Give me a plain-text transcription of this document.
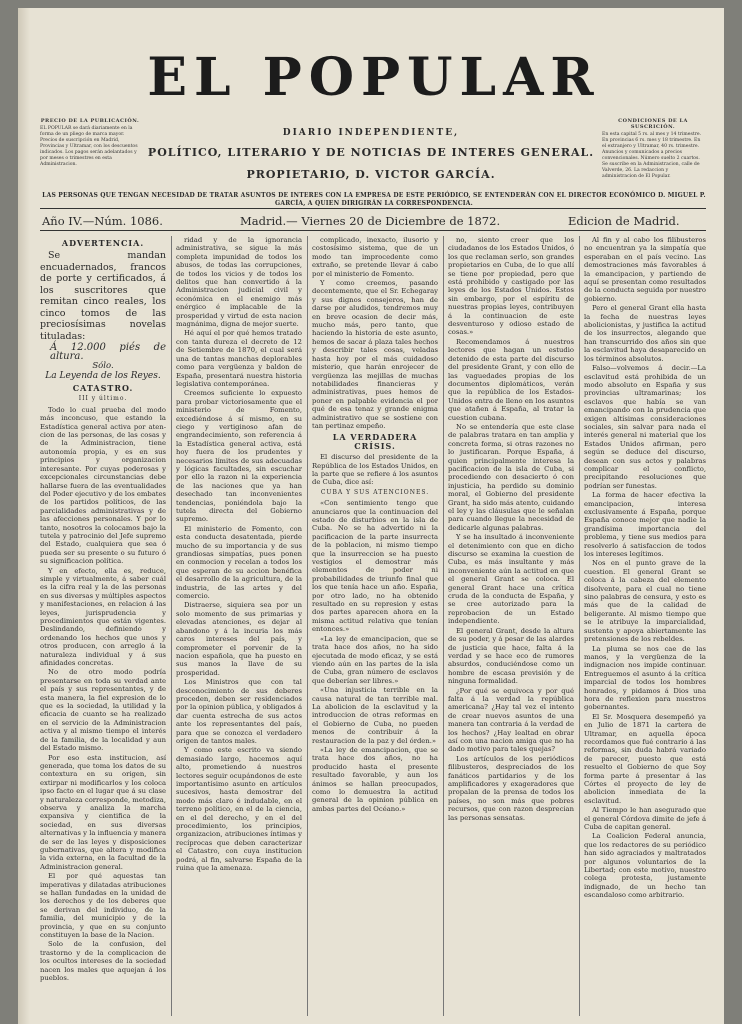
EL POPULAR
PRECIO DE LA PUBLICACIÓN.
EL POPULAR se dará diariamente en la forma de un pliego de marca mayor. Precios de suscripción en Madrid, Provincias y Ultramar, con los descuentos indicados. Los pagos serán adelantados y por meses o trimestres en esta Administracion.
CONDICIONES DE LA SUSCRICIÓN.
En esta capital 5 rs. al mes y 14 trimestre. En provincias 6 rs. mes y 18 trimestre. En el extranjero y Ultramar, 40 rs. trimestre. Anuncios y comunicados a precios convencionales. Número suelto 2 cuartos. Se suscribe en la Administracion, calle de Valverde, 26. La redaccion y administracion de El Popular.
DIARIO INDEPENDIENTE,
POLÍTICO, LITERARIO Y DE NOTICIAS DE INTERES GENERAL.
PROPIETARIO, D. VICTOR GARCÍA.
LAS PERSONAS QUE TENGAN NECESIDAD DE TRATAR ASUNTOS DE INTERES CON LA EMPRESA DE ESTE PERIÓDICO, SE ENTENDERÁN CON EL DIRECTOR ECONÓMICO D. MIGUEL P. GARCÍA, A QUIEN DIRIGIRÁN LA CORRESPONDENCIA.
Año IV.—Núm. 1086.	Madrid.— Viernes 20 de Diciembre de 1872.	Edicion de Madrid.
ADVERTENCIA.

Se mandan encuadernados, francos de porte y certificados, á los suscritores que remitan cinco reales, los cinco tomos de las preciosísimas novelas tituladas:

Á 12.000 piés de altura.
Sólo.
La Leyenda de los Reyes.
CATASTRO.
III y último.

Todo lo cual prueba del modo más inconcuso, que estando la Estadística general activa por aten-cion de las personas, de las cosas y de la Administracion, tiene autonomía propia, y es en sus principios y organizacion interesante. Por cuyas poderosas y excepcionales circunstancias debe hallarse fuera de las eventualidades del Poder ejecutivo y de los embates de los partidos políticos, de las parcialidades administrativas y de las afecciones personales. Y por lo tanto, nosotros la colocamos bajo la tutela y patrocinio del Jefe supremo del Estado, cualquiera que sea ó pueda ser su presente o su futuro ó su significacion política.

Y en efecto, ella es, reduce, simple y virtualmente, á saber cuál es la cifra real y la de las personas en sus diversas y múltiples aspectos y manifestaciones, en relacion á las leyes, jurisprudencia y procedimientos que están vigentes. Deslindando, definiendo y ordenando los hechos que unos y otros producen, con arreglo á la naturaleza individual y á sus afinidades concretas.

No de otro modo podría presentarse en toda su verdad ante el país y sus representantes, y de esta manera, la fiel expresion de lo que es la sociedad, la utilidad y la eficacia de cuanto se ha realizado en el servicio de la Administracion activa y al mismo tiempo el interés de la familia, de la localidad y aun del Estado mismo.

Por eso esta institucion, así generada, que toma los datos de su contextura en su origen, sin extirpar ni modificarlos y los coloca ipso facto en el lugar que á su clase y naturaleza corresponde, metodiza, observa y analiza la marcha expansiva y cientifica de la sociedad, en sus diversas alternativas y la influencia y manera de ser de las leyes y disposiciones gubernativas, que altera y modifica la vida externa, en la facultad de la Administracion general.

El por qué aquestas tan imperativas y dilatadas atribuciones se hallan fundadas en la unidad de los derechos y de los deberes que se derivan del individuo, de la familia, del municipio y de la provincia, y que en su conjunto constituyen la base de la Nacion.

Solo de la confusion, del trastorno y de la complicacion de los ocultos intereses de la sociedad nacen los males que aquejan á los pueblos.

ridad y de la ignorancia administrativa, se sigue la más completa impunidad de todos los abusos, de todas las corrupciones, de todos los vicios y de todos los delitos que han convertido á la Administracion judicial civil y económica en el enemigo más enérgico é implacable de la prosperidad y virtud de esta nacion magnánima, digna de mejor suerte.

Hé aquí el por qué hemos tratado con tanta dureza el decreto de 12 de Setiembre de 1870, el cual será una de tantas manchas deplorables como para vergüenza y baldon de España, presentará nuestra historia legislativa contemporánea.

Creemos suficiente lo expuesto para probar victoriosamente que el ministerio de Fomento, excediéndose á sí mismo, en su ciego y vertiginoso afan de engrandecimiento, son referencia á la Estadística general activa, está hoy fuera de los prudentes y necesarios límites de sus adecuadas y lógicas facultades, sin escuchar por ello la razon ni la experiencia de las naciones que ya han desechado tan inconvenientes tendencias, poniéndola bajo la tutela directa del Gobierno supremo.

El ministerio de Fomento, con esta conducta desatentada, pierde mucho de su importancia y de sus grandiosas simpatías, pues ponen en conmocion y recelan a todos los que esperan de su accion benéfica el desarrollo de la agricultura, de la industria, de las artes y del comercio.

Distraerse, siquiera sea por un solo momento de sus primarias y elevadas atenciones, es dejar al abandono y á la incuria los más caros intereses del país, y comprometer el porvenir de la nacion española, que ha puesto en sus manos la llave de su prosperidad.

Los Ministros que con tal desconocimiento de sus deberes proceden, deben ser residenciados por la opinion pública, y obligados á dar cuenta estrecha de sus actos ante los representantes del país, para que se conozca el verdadero origen de tantos males.

Y como este escrito va siendo demasiado largo, hacemos aquí alto, prometiendo á nuestros lectores seguir ocupándonos de este importantísimo asunto en artículos sucesivos, hasta demostrar del modo más claro é indudable, en el terreno político, en el de la ciencia, en el del derecho, y en el del procedimiento, los principios, organizacion, atribuciones íntimas y recíprocas que deben caracterizar el Catastro, con cuya institucion podrá, al fin, salvarse España de la ruina que la amenaza.

complicado, inexacto, ilusorio y costosísimo sistema, que de un modo tan improcedente como extraño, se pretende llevar á cabo por el ministerio de Fomento.

Y como creemos, pasando decentemente, que el Sr. Echegaray y sus dignos consejeros, han de darse por aludidos, tendremos muy en breve ocasion de decir más, mucho más, pero tanto, que haciendo la historia de este asunto, hemos de sacar á plaza tales hechos y describir tales cosas, veladas hasta hoy por el más cuidadoso misterio, que harán enrojecer de vergüenza las mejillas de muchas notabilidades financieras y administrativas, pues hemos de poner en palpable evidencia el por qué de esa tenaz y grande enigma administrativo que se sostiene con tan pertinaz empeño.

LA VERDADERA CRÍSIS.

El discurso del presidente de la República de los Estados Unidos, en la parte que se refiere á los asuntos de Cuba, dice así:

CUBA Y SUS ATENCIONES.

«Con sentimiento tengo que anunciaros que la continuacion del estado de disturbios en la isla de Cuba. No se ha advertido ni la pacificacion de la parte insurrecta de la poblacion, ni mismo tiempo que la insurreccion se ha puesto vestigios el demostrar más elementos de poder ni probabilidades de triunfo final que los que tenía hace un año. España, por otro lado, no ha obtenido resultado en su represion y estas dos partes aparecen ahora en la misma actitud relativa que tenían entonces.»

«La ley de emancipacion, que se trata hace dos años, no ha sido ejecutada de modo eficaz, y se está viendo aún en las partes de la isla de Cuba, gran número de esclavos que deberían ser libres.»

«Una injusticia terrible en la causa natural de tan terrible mal. La abolicion de la esclavitud y la introduccion de otras reformas en el Gobierno de Cuba, no pueden menos de contribuir á la restauracion de la paz y del órden.»

«La ley de emancipacion, que se trata hace dos años, no ha producido hasta el presente resultado favorable, y aun los ánimos se hallan preocupados, como lo demuestra la actitud general de la opinion pública en ambas partes del Océano.»

no, siento creer que los ciudadanos de los Estados Unidos, ó los que reclaman serlo, son grandes propietarios en Cuba, de lo que allí se tiene por propiedad, pero que está prohibido y castigado por las leyes de los Estados Unidos. Estos sin embargo, por el espíritu de nuestras propias leyes, contribuyen á la continuacion de este desventuroso y odioso estado de cosas.»

Recomendamos á nuestros lectores que hagan un estudio detenido de esta parte del discurso del presidente Grant, y con ello de las vaguedades propias de los documentos diplomáticos, verán que la república de los Estados-Unidos entra de lleno en los asuntos que atañen á España, al tratar la cuestion cubana.

No se entendería que este clase de palabras tratara en tan amplia y concreta forma, si otras razones no lo justificaran. Porque España, á quien principalmente interesa la pacificacion de la isla de Cuba, si procediendo con desacierto ó con injusticia, ha perdido su dominio moral, el Gobierno del presidente Grant, ha sido más atento, cuidando el ley y las cláusulas que le señalan para cuando llegue la necesidad de dedicarle algunas palabras.

Y se ha insultado á inconveniente el detenimiento con que en dicho discurso se examina la cuestion de Cuba, es más insultante y más inconveniente aún la actitud en que el general Grant se coloca. El general Grant hace una crítica cruda de la conducta de España, y se cree autorizado para la reprobacion de un Estado independiente.

El general Grant, desde la altura de su poder, y á pesar de las alardes de justicia que hace, falta á la verdad y se hace eco de rumores absurdos, conduciéndose como un hombre de escasa previsión y de ninguna formalidad.

¿Por qué se equivoca y por qué falta á la verdad la república americana? ¿Hay tal vez el intento de crear nuevos asuntos de una manera tan contraria á la verdad de los hechos? ¿Hay lealtad en obrar así con una nacion amiga que no ha dado motivo para tales quejas?

Los artículos de los periódicos filibusteros, despreciados de los fanáticos partidarios y de los amplificadores y exageradores que propalan de la prensa de todos los países, no son más que pobres recursos, que con razon desprecian las personas sensatas.

Al fin y al cabo los filibusteros no encuentran ya la simpatía que esperaban en el país vecino. Las demostraciones más favorables á la emancipacion, y partiendo de aquí se presentan como resultados de la conducta seguida por nuestro gobierno.

Pero el general Grant ella hasta la fecha de nuestras leyes abolicionistas, y justifica la actitud de los insurrectos, alegando que han transcurrido dos años sin que la esclavitud haya desaparecido en los términos absolutos.

Falso—volvemos á decir.—La esclavitud está prohibida de un modo absoluto en España y sus provincias ultramarinas; los esclavos que había se van emancipando con la prudencia que exigen altísimas consideraciones sociales, sin salvar para nada el interés general ni material que los Estados Unidos afirman, pero según se deduce del discurso, desean con sus actos y palabras complicar el conflicto, precipitando resoluciones que podrían ser funestas.

La forma de hacer efectiva la emancipacion, interesa exclusivamente á España, porque España conoce mejor que nadie la grandísima importancia del problema, y tiene sus medios para resolverlo á satisfaccion de todos los intereses legítimos.

Nos en el punto grave de la cuestion. El general Grant se coloca á la cabeza del elemento disolvente, para el cual no tiene sino palabras de censura, y esto es más que de la calidad de beligerante. Al mismo tiempo que se le atribuye la imparcialidad, sustenta y apoya abiertamente las pretensiones de los rebeldes.

La pluma se nos cae de las manos, y la vergüenza de la indignacion nos impide continuar. Entreguemos el asunto á la crítica imparcial de todos los hombres honrados, y pidamos á Dios una hora de reflexion para nuestros gobernantes.

El Sr. Mosquera desempeñó ya en Julio de 1871 la cartera de Ultramar, en aquella época recordamos que fué contrario á las reformas, sin duda habrá variado de parecer, puesto que está resuelto el Gobierno de que Soy forma parte á presentar á las Córtes el proyecto de ley de abolicion inmediata de la esclavitud.

Al Tiempo le han asegurado que el general Córdova dimite de jefe á Cuba de capitan general.

La Coalicion Federal anuncia, que los redactores de su periódico han sido agraciados y maltratados por algunos voluntarios de la Libertad; con este motivo, nuestro colega protesta, justamente indignado, de un hecho tan escandaloso como arbitrario.
